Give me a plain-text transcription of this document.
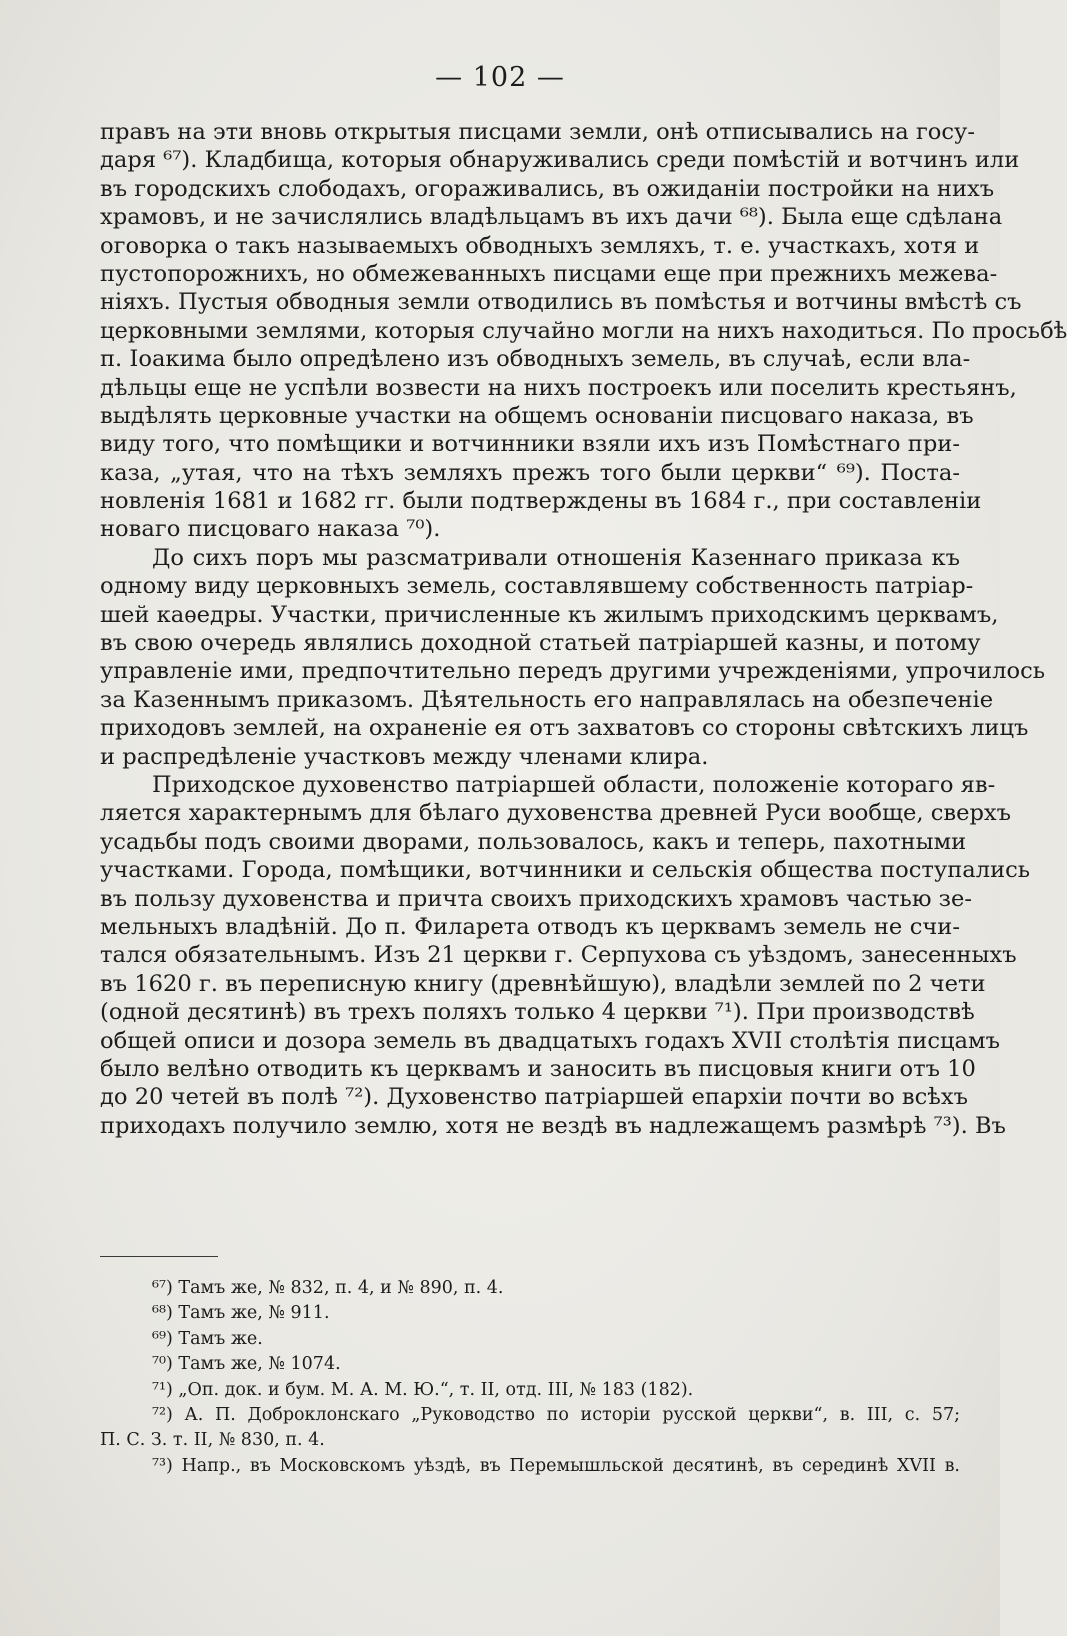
— 102 —
правъ на эти вновь открытыя писцами земли, онѣ отписывались на госу-
даря ⁶⁷). Кладбища, которыя обнаруживались среди помѣстій и вотчинъ или
въ городскихъ слободахъ, огораживались, въ ожиданіи постройки на нихъ
храмовъ, и не зачислялись владѣльцамъ въ ихъ дачи ⁶⁸). Была еще сдѣлана
оговорка о такъ называемыхъ обводныхъ земляхъ, т. е. участкахъ, хотя и
пустопорожнихъ, но обмежеванныхъ писцами еще при прежнихъ межева-
ніяхъ. Пустыя обводныя земли отводились въ помѣстья и вотчины вмѣстѣ съ
церковными землями, которыя случайно могли на нихъ находиться. По просьбѣ
п. Іоакима было опредѣлено изъ обводныхъ земель, въ случаѣ, если вла-
дѣльцы еще не успѣли возвести на нихъ построекъ или поселить крестьянъ,
выдѣлять церковные участки на общемъ основаніи писцоваго наказа, въ
виду того, что помѣщики и вотчинники взяли ихъ изъ Помѣстнаго при-
каза, „утая, что на тѣхъ земляхъ прежъ того были церкви“ ⁶⁹). Поста-
новленія 1681 и 1682 гг. были подтверждены въ 1684 г., при составленіи
новаго писцоваго наказа ⁷⁰).
До сихъ поръ мы разсматривали отношенія Казеннаго приказа къ
одному виду церковныхъ земель, составлявшему собственность патріар-
шей каѳедры. Участки, причисленные къ жилымъ приходскимъ церквамъ,
въ свою очередь являлись доходной статьей патріаршей казны, и потому
управленіе ими, предпочтительно передъ другими учрежденіями, упрочилось
за Казеннымъ приказомъ. Дѣятельность его направлялась на обезпеченіе
приходовъ землей, на охраненіе ея отъ захватовъ со стороны свѣтскихъ лицъ
и распредѣленіе участковъ между членами клира.
Приходское духовенство патріаршей области, положеніе котораго яв-
ляется характернымъ для бѣлаго духовенства древней Руси вообще, сверхъ
усадьбы подъ своими дворами, пользовалось, какъ и теперь, пахотными
участками. Города, помѣщики, вотчинники и сельскія общества поступались
въ пользу духовенства и причта своихъ приходскихъ храмовъ частью зе-
мельныхъ владѣній. До п. Филарета отводъ къ церквамъ земель не счи-
тался обязательнымъ. Изъ 21 церкви г. Серпухова съ уѣздомъ, занесенныхъ
въ 1620 г. въ переписную книгу (древнѣйшую), владѣли землей по 2 чети
(одной десятинѣ) въ трехъ поляхъ только 4 церкви ⁷¹). При производствѣ
общей описи и дозора земель въ двадцатыхъ годахъ XVII столѣтія писцамъ
было велѣно отводить къ церквамъ и заносить въ писцовыя книги отъ 10
до 20 четей въ полѣ ⁷²). Духовенство патріаршей епархіи почти во всѣхъ
приходахъ получило землю, хотя не вездѣ въ надлежащемъ размѣрѣ ⁷³). Въ
⁶⁷) Тамъ же, № 832, п. 4, и № 890, п. 4.
⁶⁸) Тамъ же, № 911.
⁶⁹) Тамъ же.
⁷⁰) Тамъ же, № 1074.
⁷¹) „Оп. док. и бум. М. А. М. Ю.“, т. II, отд. III, № 183 (182).
⁷²) А. П. Доброклонскаго „Руководство по исторіи русской церкви“, в. III, с. 57;
П. С. З. т. II, № 830, п. 4.
⁷³) Напр., въ Московскомъ уѣздѣ, въ Перемышльской десятинѣ, въ серединѣ XVII в.
